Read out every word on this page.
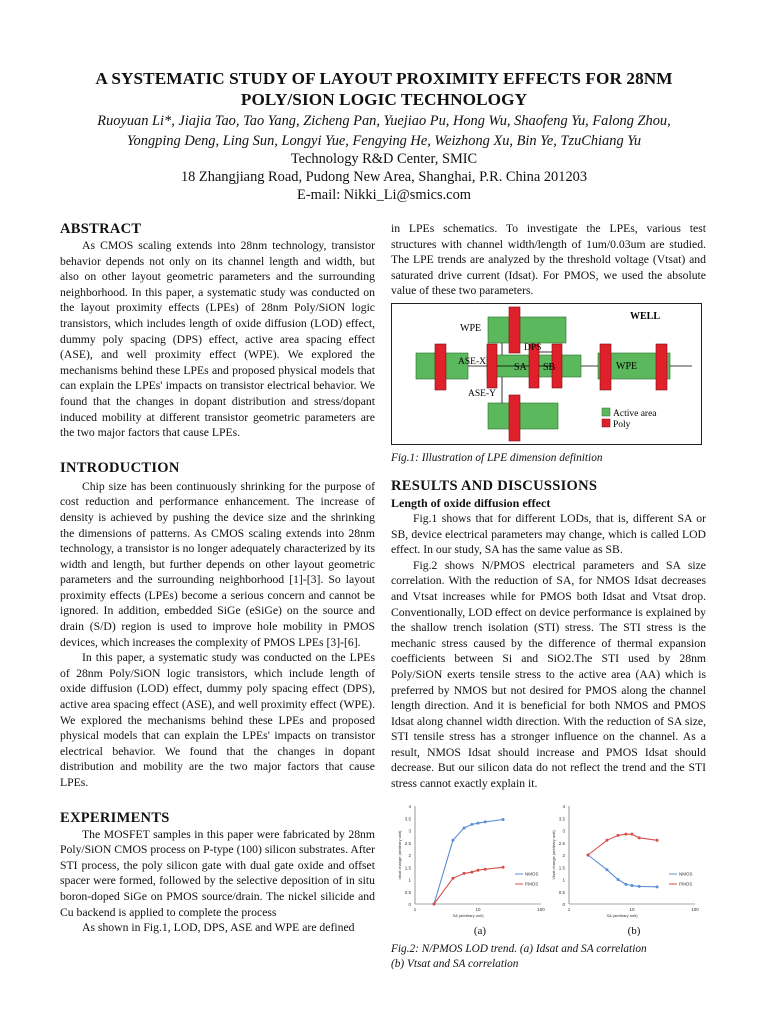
A SYSTEMATIC STUDY OF LAYOUT PROXIMITY EFFECTS FOR 28NM
POLY/SION LOGIC TECHNOLOGY
Ruoyuan Li*, Jiajia Tao, Tao Yang, Zicheng Pan, Yuejiao Pu, Hong Wu, Shaofeng Yu, Falong Zhou,
Yongping Deng, Ling Sun, Longyi Yue, Fengying He, Weizhong Xu, Bin Ye, TzuChiang Yu
Technology R&D Center, SMIC
18 Zhangjiang Road, Pudong New Area, Shanghai, P.R. China 201203
E-mail: Nikki_Li@smics.com
ABSTRACT

As CMOS scaling extends into 28nm technology, transistor behavior depends not only on its channel length and width, but also on other layout geometric parameters and the surrounding neighborhood. In this paper, a systematic study was conducted on the layout proximity effects (LPEs) of 28nm Poly/SiON logic transistors, which includes length of oxide diffusion (LOD) effect, dummy poly spacing (DPS) effect, active area spacing effect (ASE), and well proximity effect (WPE). We explored the mechanisms behind these LPEs and proposed physical models that can explain the LPEs' impacts on transistor electrical behavior. We found that the changes in dopant distribution and stress/dopant induced mobility at different transistor geometric parameters are the two major factors that cause LPEs.

INTRODUCTION

Chip size has been continuously shrinking for the purpose of cost reduction and performance enhancement. The increase of density is achieved by pushing the device size and the shrinking the dimensions of patterns. As CMOS scaling extends into 28nm technology, a transistor is no longer adequately characterized by its width and length, but further depends on other layout geometric parameters and the surrounding neighborhood [1]-[3]. So layout proximity effects (LPEs) become a serious concern and cannot be ignored. In addition, embedded SiGe (eSiGe) on the source and drain (S/D) region is used to improve hole mobility in PMOS devices, which increases the complexity of PMOS LPEs [3]-[6].

In this paper, a systematic study was conducted on the LPEs of 28nm Poly/SiON logic transistors, which include length of oxide diffusion (LOD) effect, dummy poly spacing effect (DPS), active area spacing effect (ASE), and well proximity effect (WPE). We explored the mechanisms behind these LPEs and proposed physical models that can explain the LPEs' impacts on transistor electrical behavior. We found that the changes in dopant distribution and mobility are the two major factors that cause LPEs.

EXPERIMENTS

The MOSFET samples in this paper were fabricated by 28nm Poly/SiON CMOS process on P-type (100) silicon substrates. After STI process, the poly silicon gate with dual gate oxide and offset spacer were formed, followed by the selective deposition of in situ boron-doped SiGe on PMOS source/drain. The nickel silicide and Cu backend is applied to complete the process

As shown in Fig.1, LOD, DPS, ASE and WPE are defined

in LPEs schematics. To investigate the LPEs, various test structures with channel width/length of 1um/0.03um are studied. The LPE trends are analyzed by the threshold voltage (Vtsat) and saturated drive current (Idsat). For PMOS, we used the absolute value of these two parameters.

WELL
WPE
ASE-X	SA SB
DPS
WPE
ASE-Y
Active area
Poly
Fig.1: Illustration of LPE dimension definition
RESULTS AND DISCUSSIONS
Length of oxide diffusion effect

Fig.1 shows that for different LODs, that is, different SA or SB, device electrical parameters may change, which is called LOD effect. In our study, SA has the same value as SB.

Fig.2 shows N/PMOS electrical parameters and SA size correlation. With the reduction of SA, for NMOS Idsat decreases and Vtsat increases while for PMOS both Idsat and Vtsat drop. Conventionally, LOD effect on device performance is explained by the shallow trench isolation (STI) stress. The STI stress is the mechanic stress caused by the difference of thermal expansion coefficients between Si and SiO2.The STI used by 28nm Poly/SiON exerts tensile stress to the active area (AA) which is preferred by NMOS but not desired for PMOS along the channel length direction. And it is beneficial for both NMOS and PMOS Idsat along channel width direction. With the reduction of SA size, STI tensile stress has a stronger influence on the channel. As a result, NMOS Idsat should increase and PMOS Idsat should decrease. But our silicon data do not reflect the trend and the STI stress cannot exactly explain it.

0
0.5
1
1.5
2
2.5
3
3.5
4
1	10	100
SA (arbitrary unit)
Idsat change (arbitrary unit)	NMOS
PMOS
(a)
0
0.5
1
1.5
2
2.5
3
3.5
4
1	10	100
SA (arbitrary unit)
Vtsat change (arbitrary unit)	NMOS
PMOS
(b)
Fig.2: N/PMOS LOD trend. (a) Idsat and SA correlation
(b) Vtsat and SA correlation
